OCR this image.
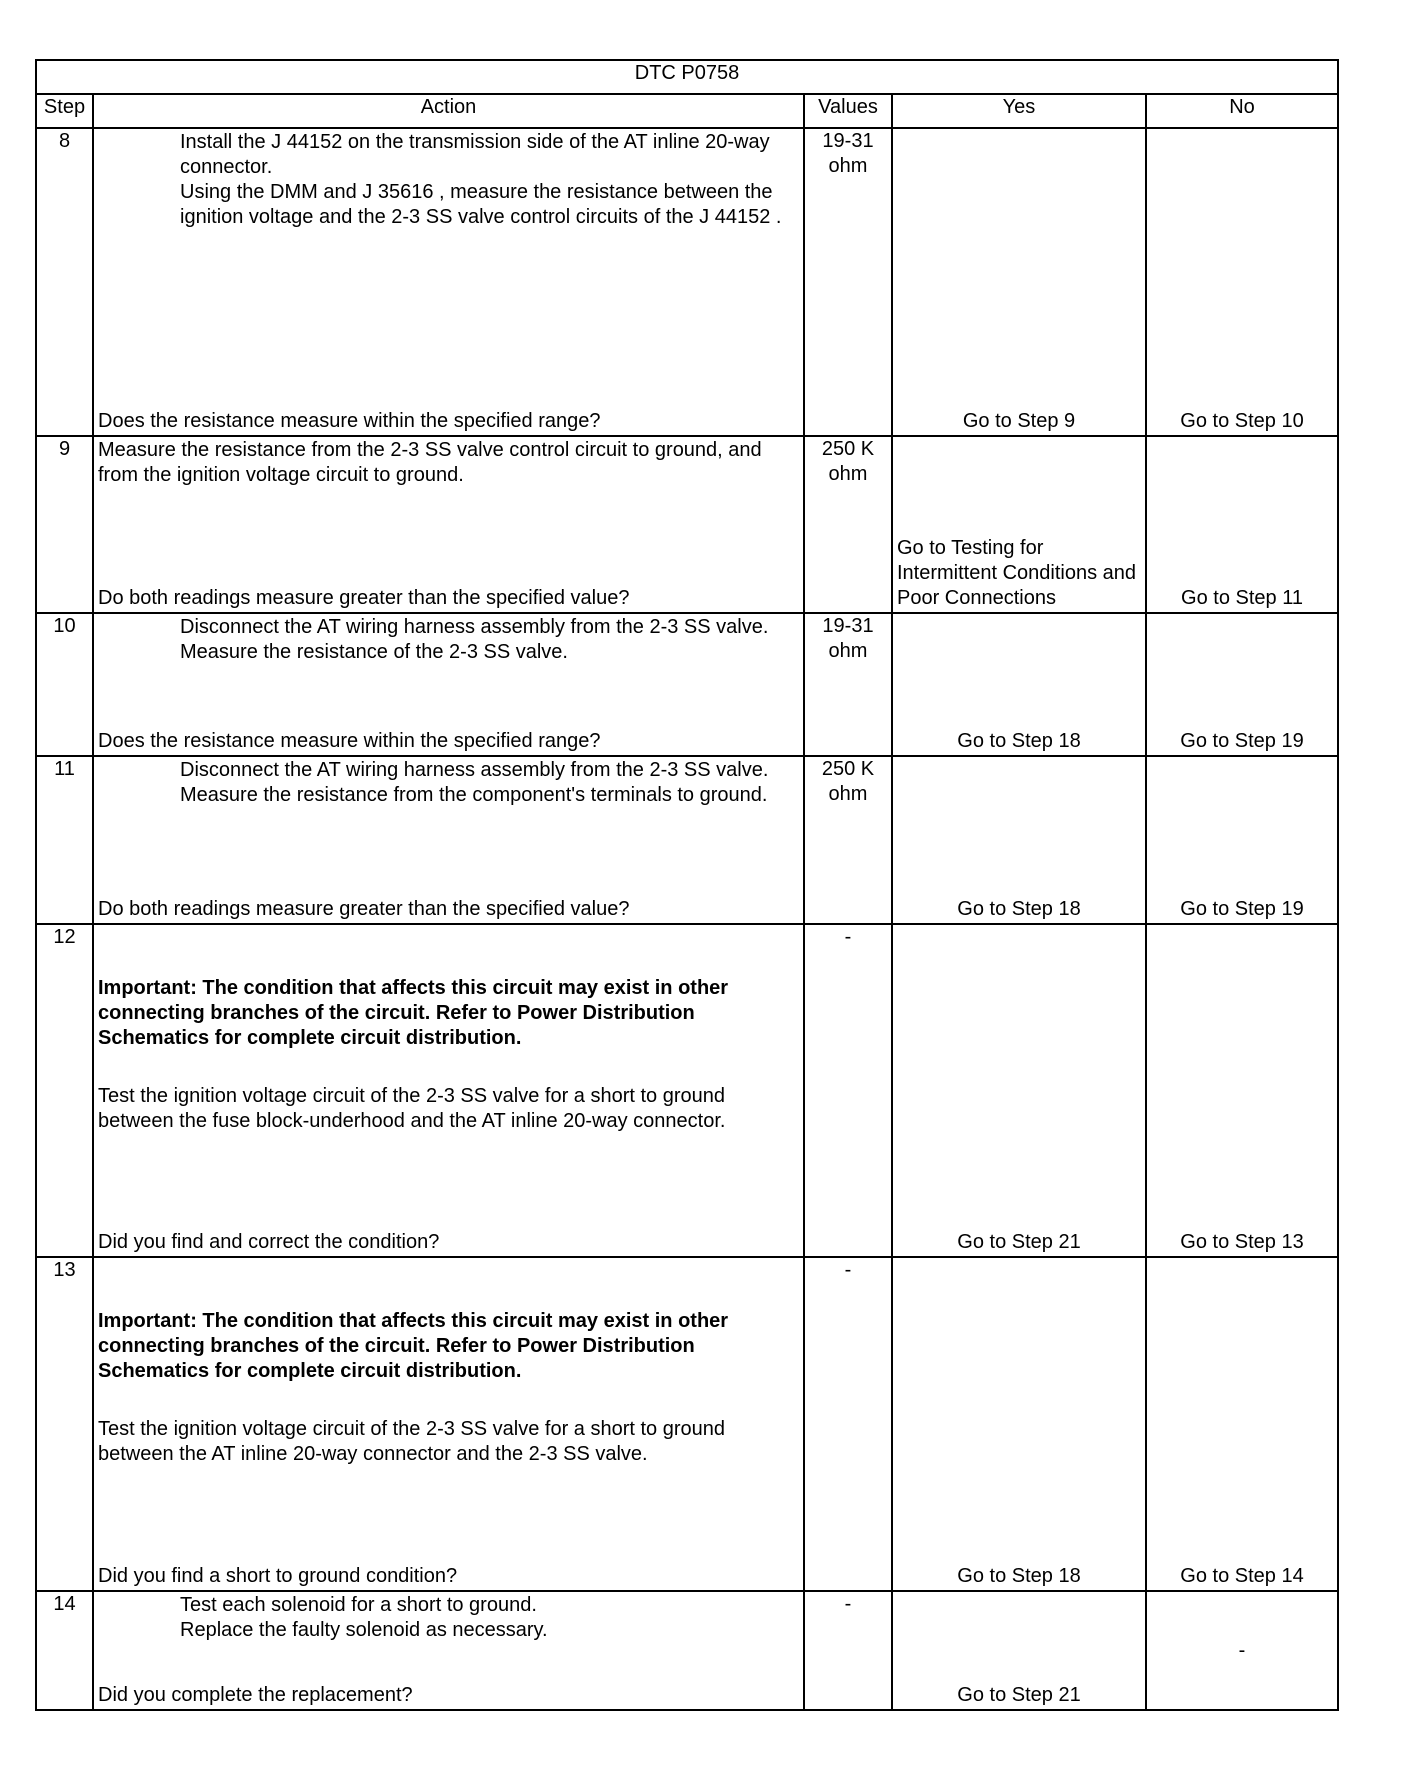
DTC P0758				
Step	Action	Values	Yes	No
8	Install the J 44152 on the transmission side of the AT inline 20-way connector.
Using the DMM and J 35616 , measure the resistance between the ignition voltage and the 2-3 SS valve control circuits of the J 44152 .
Does the resistance measure within the specified range?	19-31 ohm	Go to Step 9	Go to Step 10

9	Measure the resistance from the 2-3 SS valve control circuit to ground, and from the ignition voltage circuit to ground.
Do both readings measure greater than the specified value?	250 K ohm	Go to Testing for Intermittent Conditions and Poor Connections	Go to Step 11

10	Disconnect the AT wiring harness assembly from the 2-3 SS valve.
Measure the resistance of the 2-3 SS valve.
Does the resistance measure within the specified range?	19-31 ohm	Go to Step 18	Go to Step 19

11	Disconnect the AT wiring harness assembly from the 2-3 SS valve.
Measure the resistance from the component's terminals to ground.
Do both readings measure greater than the specified value?	250 K ohm	Go to Step 18	Go to Step 19

12	Important: The condition that affects this circuit may exist in other connecting branches of the circuit. Refer to Power Distribution Schematics for complete circuit distribution.
Test the ignition voltage circuit of the 2-3 SS valve for a short to ground between the fuse block-underhood and the AT inline 20-way connector.
Did you find and correct the condition?	-	Go to Step 21	Go to Step 13

13	Important: The condition that affects this circuit may exist in other connecting branches of the circuit. Refer to Power Distribution Schematics for complete circuit distribution.
Test the ignition voltage circuit of the 2-3 SS valve for a short to ground between the AT inline 20-way connector and the 2-3 SS valve.
Did you find a short to ground condition?	-	Go to Step 18	Go to Step 14

14	Test each solenoid for a short to ground.
Replace the faulty solenoid as necessary.
Did you complete the replacement?	-	Go to Step 21	-
